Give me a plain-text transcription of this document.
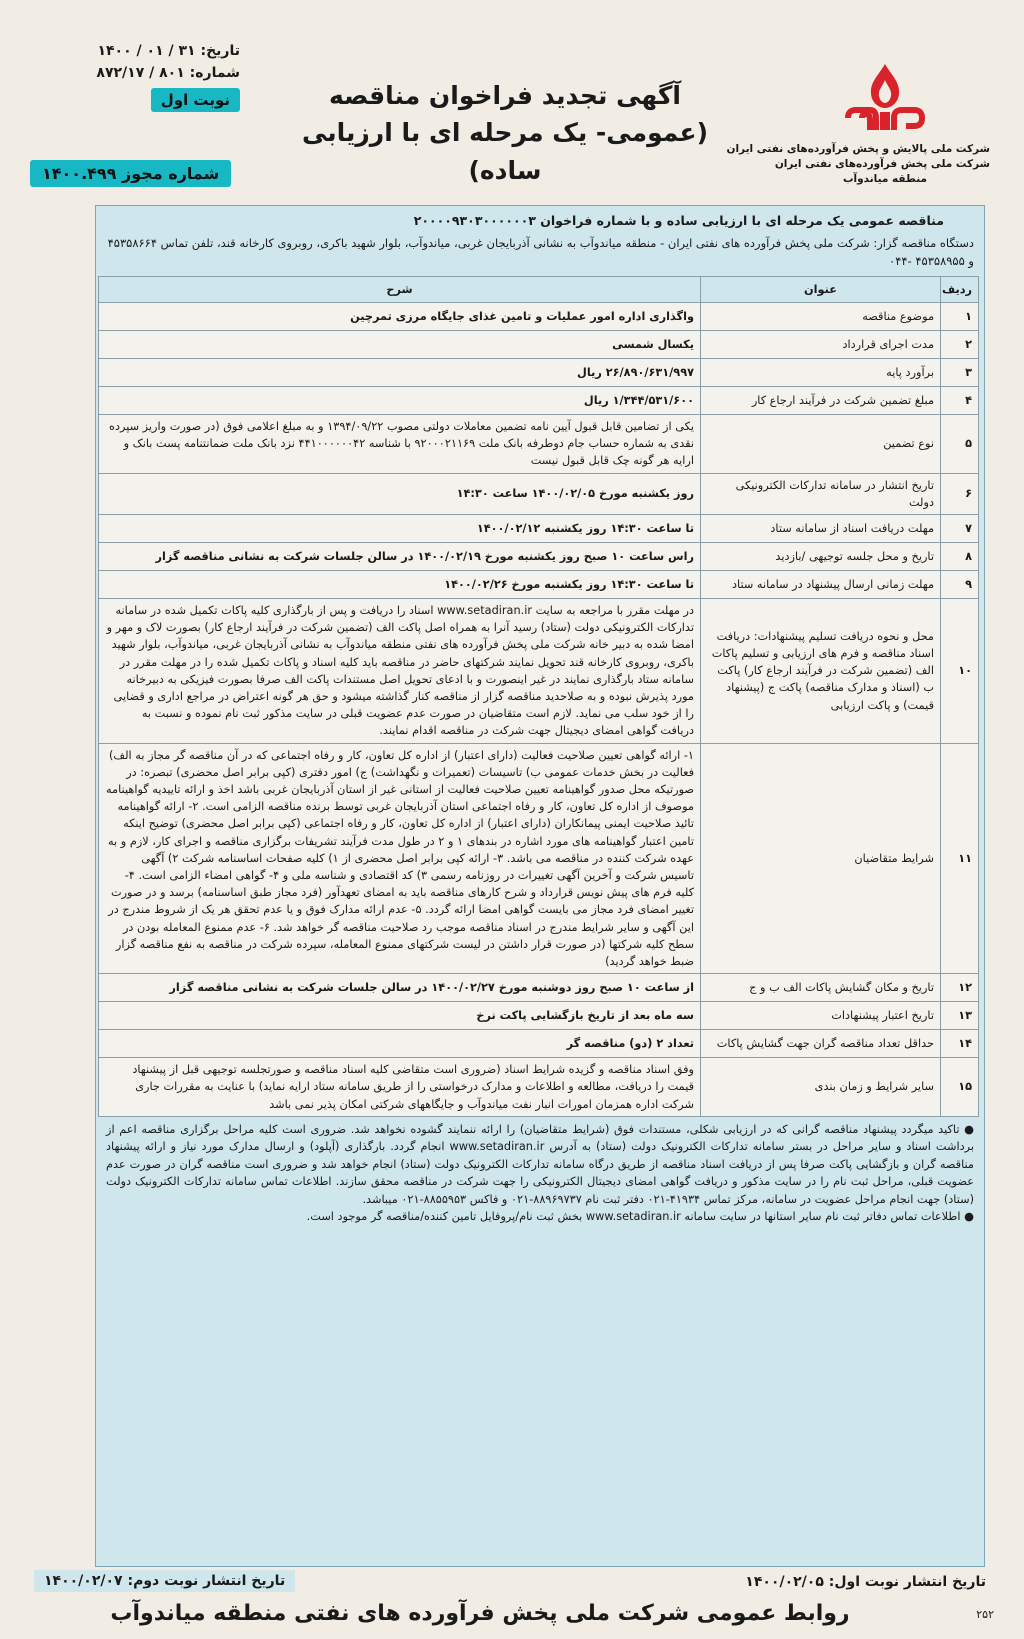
تاریخ: ۳۱ / ۰۱ / ۱۴۰۰
شماره: ۸۰۱ / ۸۷۲/۱۷
نوبت اول
شماره مجوز ۱۴۰۰.۴۹۹
آگهی تجدید فراخوان مناقصه
(عمومی- یک مرحله ای با ارزیابی ساده)
شرکت ملی پالایش و پخش فرآورده‌های نفتی ایران
شرکت ملی پخش فرآورده‌های نفتی ایران
منطقه میاندوآب
مناقصه عمومی یک مرحله ای با ارزیابی ساده و با شماره فراخوان ۲۰۰۰۰۹۳۰۳۰۰۰۰۰۰۳
دستگاه مناقصه گزار: شرکت ملی پخش فرآورده های نفتی ایران - منطقه میاندوآب به نشانی آذربایجان غربی، میاندوآب، بلوار شهید باکری، روبروی کارخانه قند، تلفن تماس ۴۵۳۵۸۶۶۴ و ۴۵۳۵۸۹۵۵ -۰۴۴
ردیف	عنوان	شرح
۱	موضوع مناقصه	واگذاری اداره امور عملیات و تامین غذای جایگاه مرزی تمرچین
۲	مدت اجرای قرارداد	یکسال شمسی
۳	برآورد پایه	۲۶/۸۹۰/۶۳۱/۹۹۷ ریال
۴	مبلغ تضمین شرکت در فرآیند ارجاع کار	۱/۳۴۴/۵۳۱/۶۰۰ ریال
۵	نوع تضمین	یکی از تضامین قابل قبول آیین نامه تضمین معاملات دولتی مصوب ۱۳۹۴/۰۹/۲۲ و به مبلغ اعلامی فوق (در صورت واریز سپرده نقدی به شماره حساب جام دوطرفه بانک ملت ۹۲۰۰۰۲۱۱۶۹ با شناسه ۴۴۱۰۰۰۰۰۰۴۲ نزد بانک ملت ضمانتنامه پست بانک و ارایه هر گونه چک قابل قبول نیست
۶	تاریخ انتشار در سامانه تدارکات الکترونیکی دولت	روز یکشنبه مورخ ۱۴۰۰/۰۲/۰۵ ساعت ۱۴:۳۰
۷	مهلت دریافت اسناد از سامانه ستاد	تا ساعت ۱۴:۳۰ روز یکشنبه ۱۴۰۰/۰۲/۱۲
۸	تاریخ و محل جلسه توجیهی /بازدید	راس ساعت ۱۰ صبح روز یکشنبه مورخ ۱۴۰۰/۰۲/۱۹ در سالن جلسات شرکت به نشانی مناقصه گزار
۹	مهلت زمانی ارسال پیشنهاد در سامانه ستاد	تا ساعت ۱۴:۳۰ روز یکشنبه مورخ ۱۴۰۰/۰۲/۲۶
۱۰	محل و نحوه دریافت تسلیم پیشنهادات: دریافت اسناد مناقصه و فرم های ارزیابی و تسلیم پاکات الف (تضمین شرکت در فرآیند ارجاع کار) پاکت ب (اسناد و مدارک مناقصه) پاکت ج (پیشنهاد قیمت) و پاکت ارزیابی	در مهلت مقرر با مراجعه به سایت www.setadiran.ir اسناد را دریافت و پس از بارگذاری کلیه پاکات تکمیل شده در سامانه تدارکات الکترونیکی دولت (ستاد) رسید آنرا به همراه اصل پاکت الف (تضمین شرکت در فرآیند ارجاع کار) بصورت لاک و مهر و امضا شده به دبیر خانه شرکت ملی پخش فرآورده های نفتی منطقه میاندوآب به نشانی آذربایجان غربی، میاندوآب، بلوار شهید باکری، روبروی کارخانه قند تحویل نمایند شرکتهای حاضر در مناقصه باید کلیه اسناد و پاکات تکمیل شده را در مهلت مقرر در سامانه ستاد بارگذاری نمایند در غیر اینصورت و با ادعای تحویل اصل مستندات پاکت الف صرفا بصورت فیزیکی به دبیرخانه مورد پذیرش نبوده و به صلاحدید مناقصه گزار از مناقصه کنار گذاشته میشود و حق هر گونه اعتراض در مراجع اداری و قضایی را از خود سلب می نماید. لازم است متقاضیان در صورت عدم عضویت قبلی در سایت مذکور ثبت نام نموده و نسبت به دریافت گواهی امضای دیجیتال جهت شرکت در مناقصه اقدام نمایند.
۱۱	شرایط متقاضیان	۱- ارائه گواهی تعیین صلاحیت فعالیت (دارای اعتبار) از اداره کل تعاون، کار و رفاه اجتماعی که در آن مناقصه گر مجاز به الف) فعالیت در بخش خدمات عمومی ب) تاسیسات (تعمیرات و نگهداشت) ج) امور دفتری (کپی برابر اصل محضری) تبصره: در صورتیکه محل صدور گواهینامه تعیین صلاحیت فعالیت از استانی غیر از استان آذربایجان غربی باشد اخذ و ارائه تاییدیه گواهینامه موصوف از اداره کل تعاون، کار و رفاه اجتماعی استان آذربایجان غربی توسط برنده مناقصه الزامی است. ۲- ارائه گواهینامه تائید صلاحیت ایمنی پیمانکاران (دارای اعتبار) از اداره کل تعاون، کار و رفاه اجتماعی (کپی برابر اصل محضری) توضیح اینکه تامین اعتبار گواهینامه های مورد اشاره در بندهای ۱ و ۲ در طول مدت فرآیند تشریفات برگزاری مناقصه و اجرای کار، لازم و به عهده شرکت کننده در مناقصه می باشد. ۳- ارائه کپی برابر اصل محضری از ۱) کلیه صفحات اساسنامه شرکت ۲) آگهی تاسیس شرکت و آخرین آگهی تغییرات در روزنامه رسمی ۳) کد اقتصادی و شناسه ملی و ۴- گواهی امضاء الزامی است. ۴- کلیه فرم های پیش نویس قرارداد و شرح کارهای مناقصه باید به امضای تعهدآور (فرد مجاز طبق اساسنامه) برسد و در صورت تغییر امضای فرد مجاز می بایست گواهی امضا ارائه گردد. ۵- عدم ارائه مدارک فوق و یا عدم تحقق هر یک از شروط مندرج در این آگهی و سایر شرایط مندرج در اسناد مناقصه موجب رد صلاحیت مناقصه گر خواهد شد. ۶- عدم ممنوع المعامله بودن در سطح کلیه شرکتها (در صورت قرار داشتن در لیست شرکتهای ممنوع المعامله، سپرده شرکت در مناقصه به نفع مناقصه گزار ضبط خواهد گردید)
۱۲	تاریخ و مکان گشایش پاکات الف ب و ج	از ساعت ۱۰ صبح روز دوشنبه مورخ ۱۴۰۰/۰۲/۲۷ در سالن جلسات شرکت به نشانی مناقصه گزار
۱۳	تاریخ اعتبار پیشنهادات	سه ماه بعد از تاریخ بازگشایی پاکت نرخ
۱۴	حداقل تعداد مناقصه گران جهت گشایش پاکات	تعداد ۲ (دو) مناقصه گر
۱۵	سایر شرایط و زمان بندی	وفق اسناد مناقصه و گزیده شرایط اسناد (ضروری است متقاضی کلیه اسناد مناقصه و صورتجلسه توجیهی قبل از پیشنهاد قیمت را دریافت، مطالعه و اطلاعات و مدارک درخواستی را از طریق سامانه ستاد ارایه نماید) با عنایت به مقررات جاری شرکت اداره همزمان امورات انبار نفت میاندوآب و جایگاههای شرکتی امکان پذیر نمی باشد

● تاکید میگردد پیشنهاد مناقصه گرانی که در ارزیابی شکلی، مستندات فوق (شرایط متقاضیان) را ارائه ننمایند گشوده نخواهد شد. ضروری است کلیه مراحل برگزاری مناقصه اعم از برداشت اسناد و سایر مراحل در بستر سامانه تدارکات الکترونیک دولت (ستاد) به آدرس www.setadiran.ir انجام گردد. بارگذاری (آپلود) و ارسال مدارک مورد نیاز و ارائه پیشنهاد مناقصه گران و بازگشایی پاکت صرفا پس از دریافت اسناد مناقصه از طریق درگاه سامانه تدارکات الکترونیک دولت (ستاد) انجام خواهد شد و ضروری است مناقصه گران در صورت عدم عضویت قبلی، مراحل ثبت نام را در سایت مذکور و دریافت گواهی امضای دیجیتال الکترونیکی را جهت شرکت در مناقصه محقق سازند. اطلاعات تماس سامانه تدارکات الکترونیک دولت (ستاد) جهت انجام مراحل عضویت در سامانه، مرکز تماس ۴۱۹۳۴-۰۲۱ دفتر ثبت نام ۸۸۹۶۹۷۳۷-۰۲۱ و فاکس ۸۸۵۵۹۵۳-۰۲۱ میباشد.

● اطلاعات تماس دفاتر ثبت نام سایر استانها در سایت سامانه www.setadiran.ir بخش ثبت نام/پروفایل تامین کننده/مناقصه گر موجود است.

تاریخ انتشار نوبت اول: ۱۴۰۰/۰۲/۰۵
تاریخ انتشار نوبت دوم: ۱۴۰۰/۰۲/۰۷
روابط عمومی شرکت ملی پخش فرآورده های نفتی منطقه میاندوآب	۲۵۲
